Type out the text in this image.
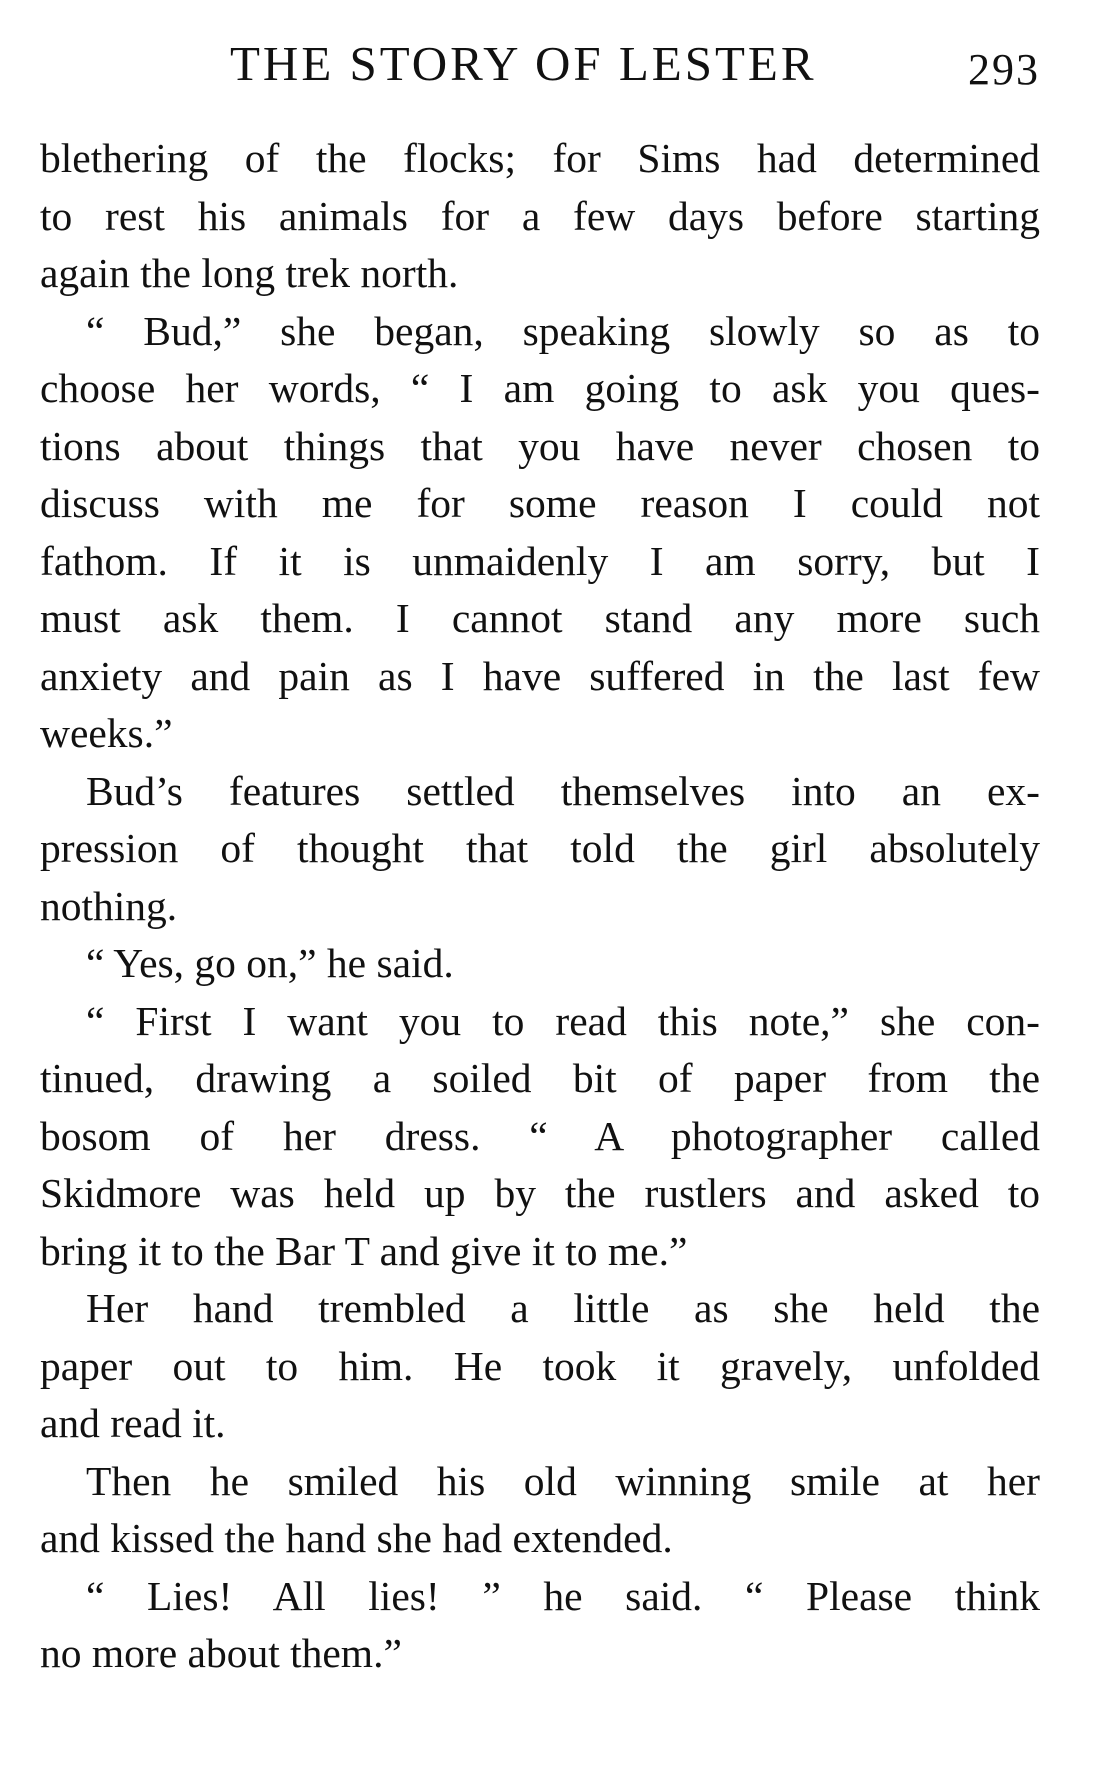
THE STORY OF LESTER	293
blethering of the flocks; for Sims had determined
to rest his animals for a few days before starting
again the long trek north.
“ Bud,” she began, speaking slowly so as to
choose her words, “ I am going to ask you ques-
tions about things that you have never chosen to
discuss with me for some reason I could not
fathom. If it is unmaidenly I am sorry, but I
must ask them. I cannot stand any more such
anxiety and pain as I have suffered in the last few
weeks.”
Bud’s features settled themselves into an ex-
pression of thought that told the girl absolutely
nothing.
“ Yes, go on,” he said.
“ First I want you to read this note,” she con-
tinued, drawing a soiled bit of paper from the
bosom of her dress. “ A photographer called
Skidmore was held up by the rustlers and asked to
bring it to the Bar T and give it to me.”
Her hand trembled a little as she held the
paper out to him. He took it gravely, unfolded
and read it.
Then he smiled his old winning smile at her
and kissed the hand she had extended.
“ Lies! All lies! ” he said. “ Please think
no more about them.”
